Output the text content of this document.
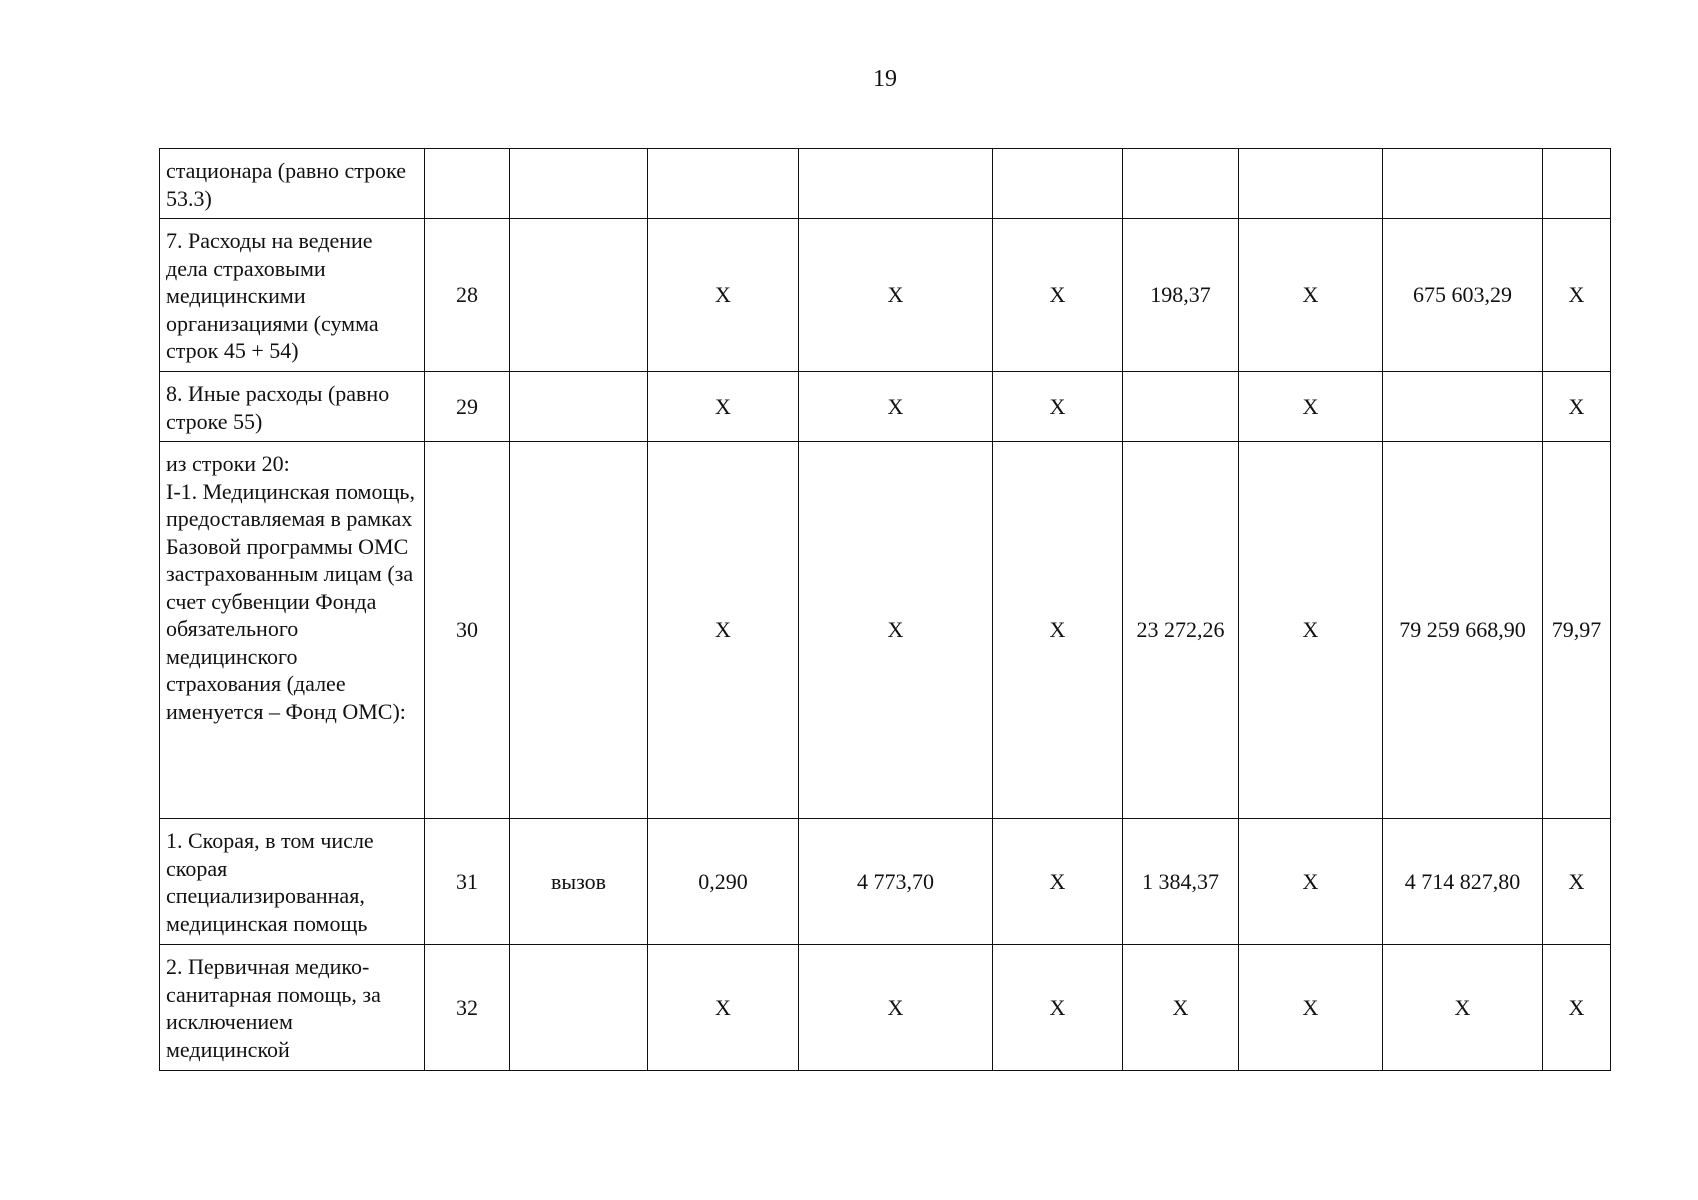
19
стационара (равно строке 53.3)									
7. Расходы на ведение дела страховыми медицинскими организациями (сумма строк 45 + 54)	28		Х	Х	Х	198,37	Х	675 603,29	Х
8. Иные расходы (равно строке 55)	29		Х	Х	Х		Х		Х
из строки 20:
I-1. Медицинская помощь, предоставляемая в рамках Базовой программы ОМС застрахованным лицам (за счет субвенции Фонда обязательного медицинского страхования (далее именуется – Фонд ОМС):	30		Х	Х	Х	23 272,26	Х	79 259 668,90	79,97
1. Скорая, в том числе скорая специализированная, медицинская помощь	31	вызов	0,290	4 773,70	Х	1 384,37	Х	4 714 827,80	Х
2. Первичная медико-санитарная помощь, за исключением медицинской	32		Х	Х	Х	Х	Х	Х	Х
